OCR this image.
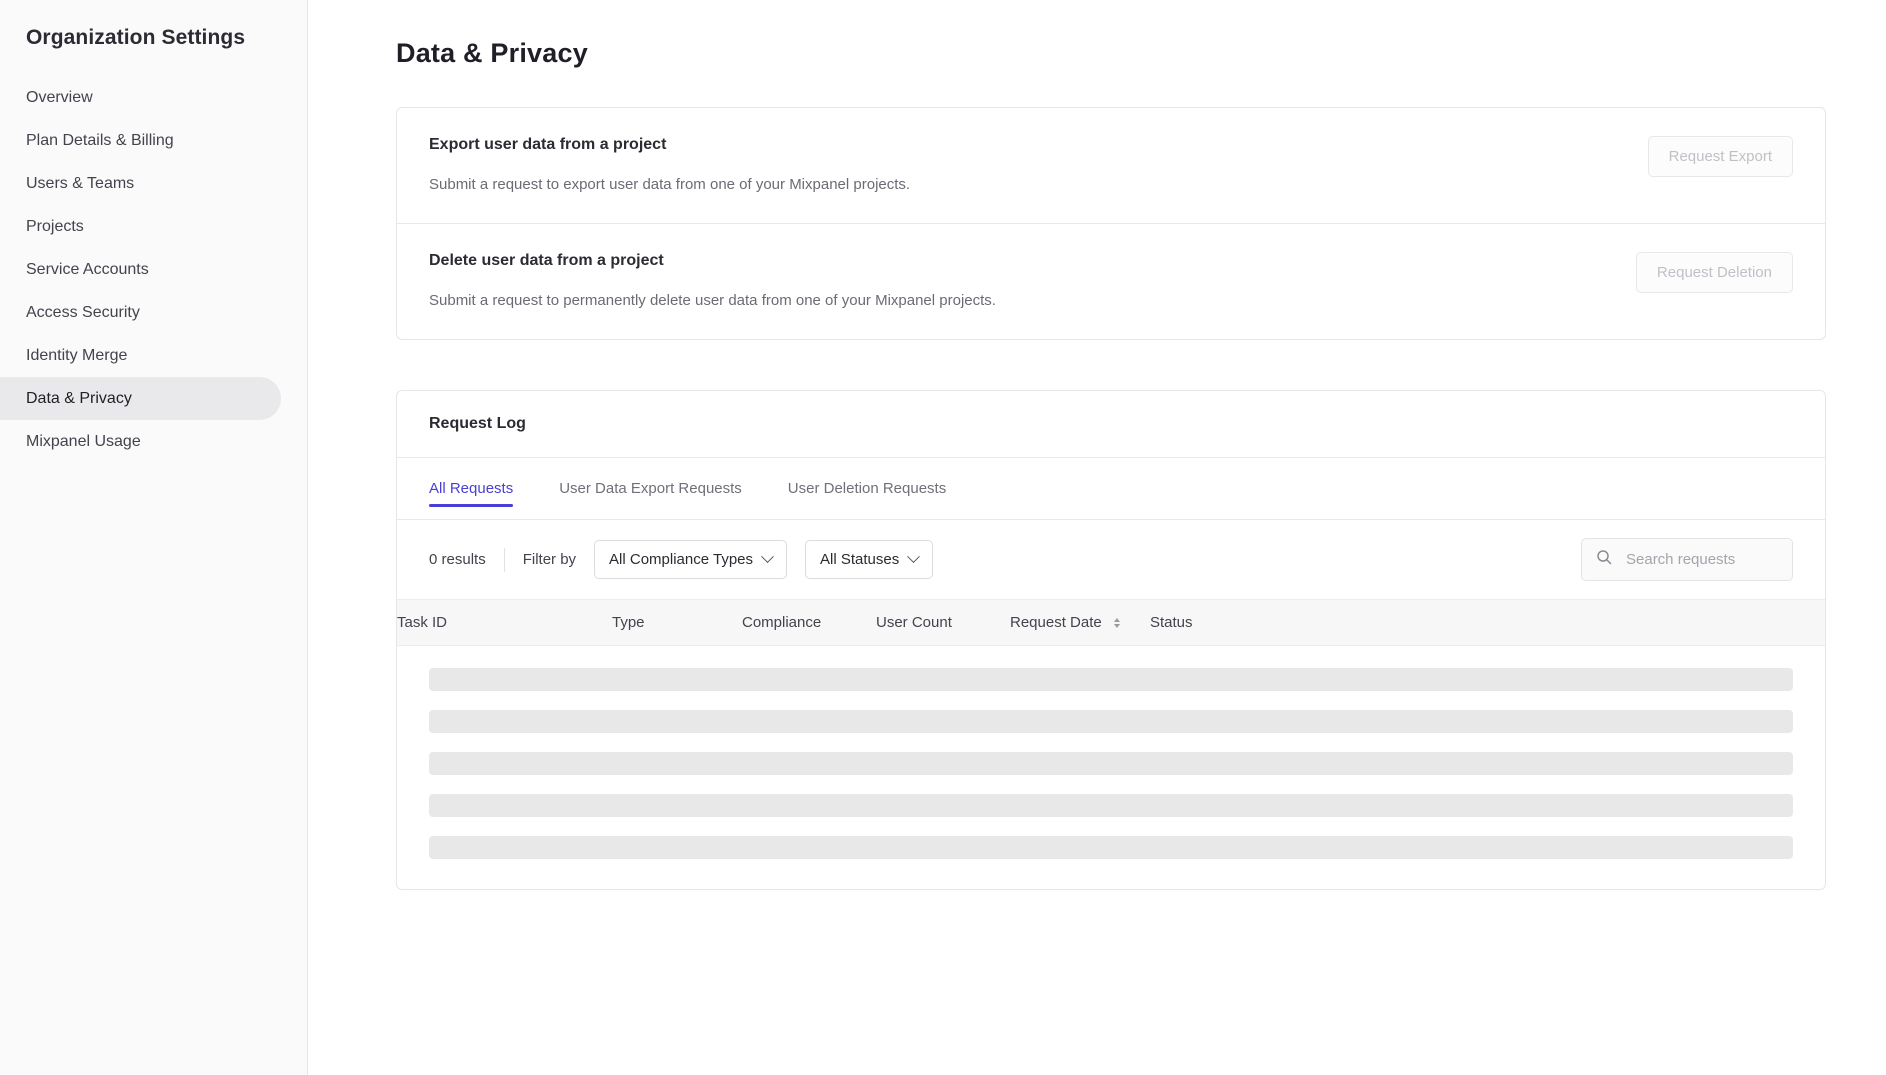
Organization Settings
Overview
Plan Details & Billing
Users & Teams
Projects
Service Accounts
Access Security
Identity Merge
Data & Privacy
Mixpanel Usage
Data & Privacy
Export user data from a project
Submit a request to export user data from one of your Mixpanel projects.
Request Export
Delete user data from a project
Submit a request to permanently delete user data from one of your Mixpanel projects.
Request Deletion
Request Log
All Requests	User Data Export Requests	User Deletion Requests
0 results	Filter by All Compliance Types	All Statuses
Search requests
Task ID	Type	Compliance	User Count	Request Date	Status
